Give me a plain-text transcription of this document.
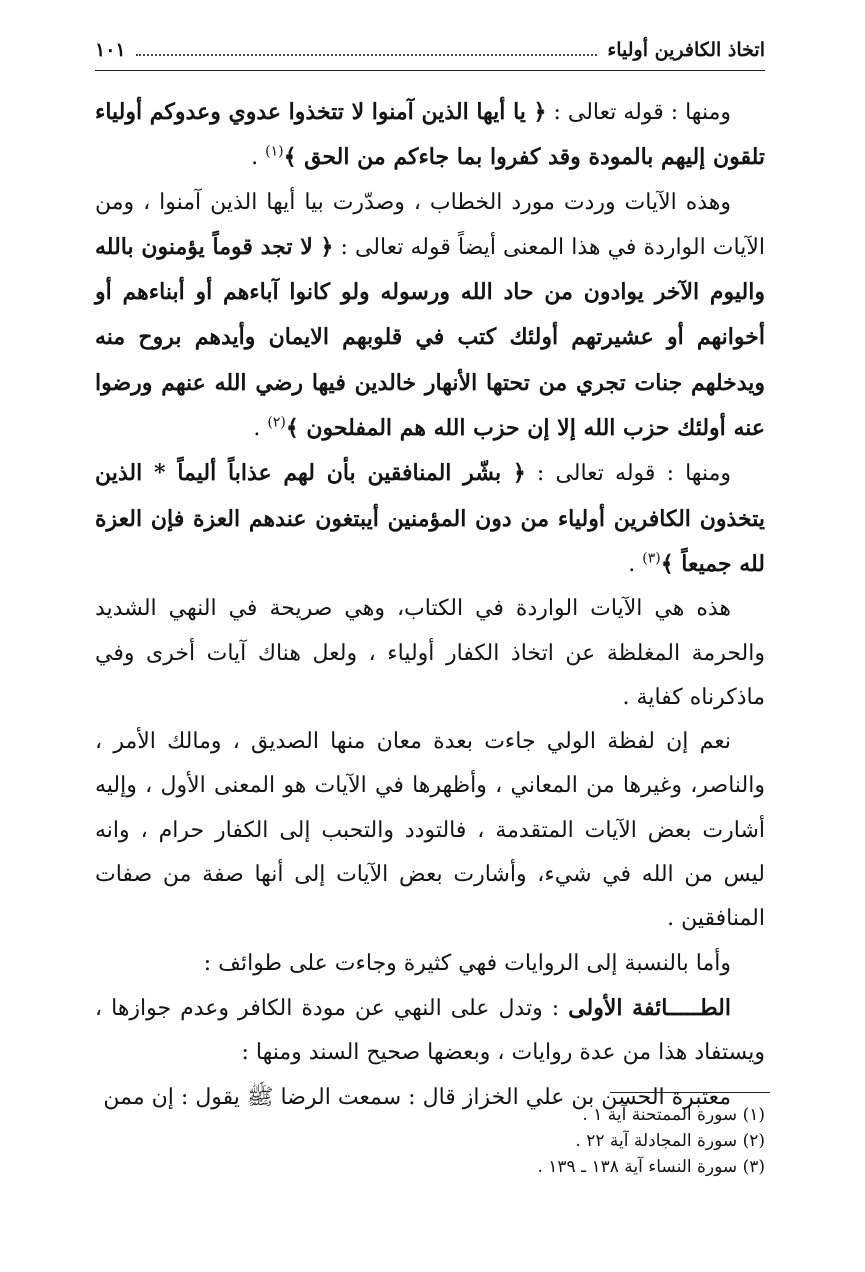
اتخاذ الكافرين أولياء
١٠١

ومنها : قوله تعالى : ﴿ يا أيها الذين آمنوا لا تتخذوا عدوي وعدوكم أولياء تلقون إليهم بالمودة وقد كفروا بما جاءكم من الحق ﴾$^{(١)}$ .

وهذه الآيات وردت مورد الخطاب ، وصدّرت بيا أيها الذين آمنوا ، ومن الآيات الواردة في هذا المعنى أيضاً قوله تعالى : ﴿ لا تجد قوماً يؤمنون بالله واليوم الآخر يوادون من حاد الله ورسوله ولو كانوا آباءهم أو أبناءهم أو أخوانهم أو عشيرتهم أولئك كتب في قلوبهم الايمان وأيدهم بروح منه ويدخلهم جنات تجري من تحتها الأنهار خالدين فيها رضي الله عنهم ورضوا عنه أولئك حزب الله إلا إن حزب الله هم المفلحون ﴾$^{(٢)}$ .

ومنها : قوله تعالى : ﴿ بشّر المنافقين بأن لهم عذاباً أليماً * الذين يتخذون الكافرين أولياء من دون المؤمنين أيبتغون عندهم العزة فإن العزة لله جميعاً ﴾$^{(٣)}$ .

هذه هي الآيات الواردة في الكتاب، وهي صريحة في النهي الشديد والحرمة المغلظة عن اتخاذ الكفار أولياء ، ولعل هناك آيات أخرى وفي ماذكرناه كفاية .

نعم إن لفظة الولي جاءت بعدة معان منها الصديق ، ومالك الأمر ، والناصر، وغيرها من المعاني ، وأظهرها في الآيات هو المعنى الأول ، وإليه أشارت بعض الآيات المتقدمة ، فالتودد والتحبب إلى الكفار حرام ، وانه ليس من الله في شيء، وأشارت بعض الآيات إلى أنها صفة من صفات المنافقين .

وأما بالنسبة إلى الروايات فهي كثيرة وجاءت على طوائف :

الطـــــائفة الأولى : وتدل على النهي عن مودة الكافر وعدم جوازها ، ويستفاد هذا من عدة روايات ، وبعضها صحيح السند ومنها :

معتبرة الحسن بن علي الخزاز قال : سمعت الرضا ﷺ يقول : إن ممن

(١) سورة الممتحنة آية ١ .
(٢) سورة المجادلة آية ٢٢ .
(٣) سورة النساء آية ١٣٨ ـ ١٣٩ .
